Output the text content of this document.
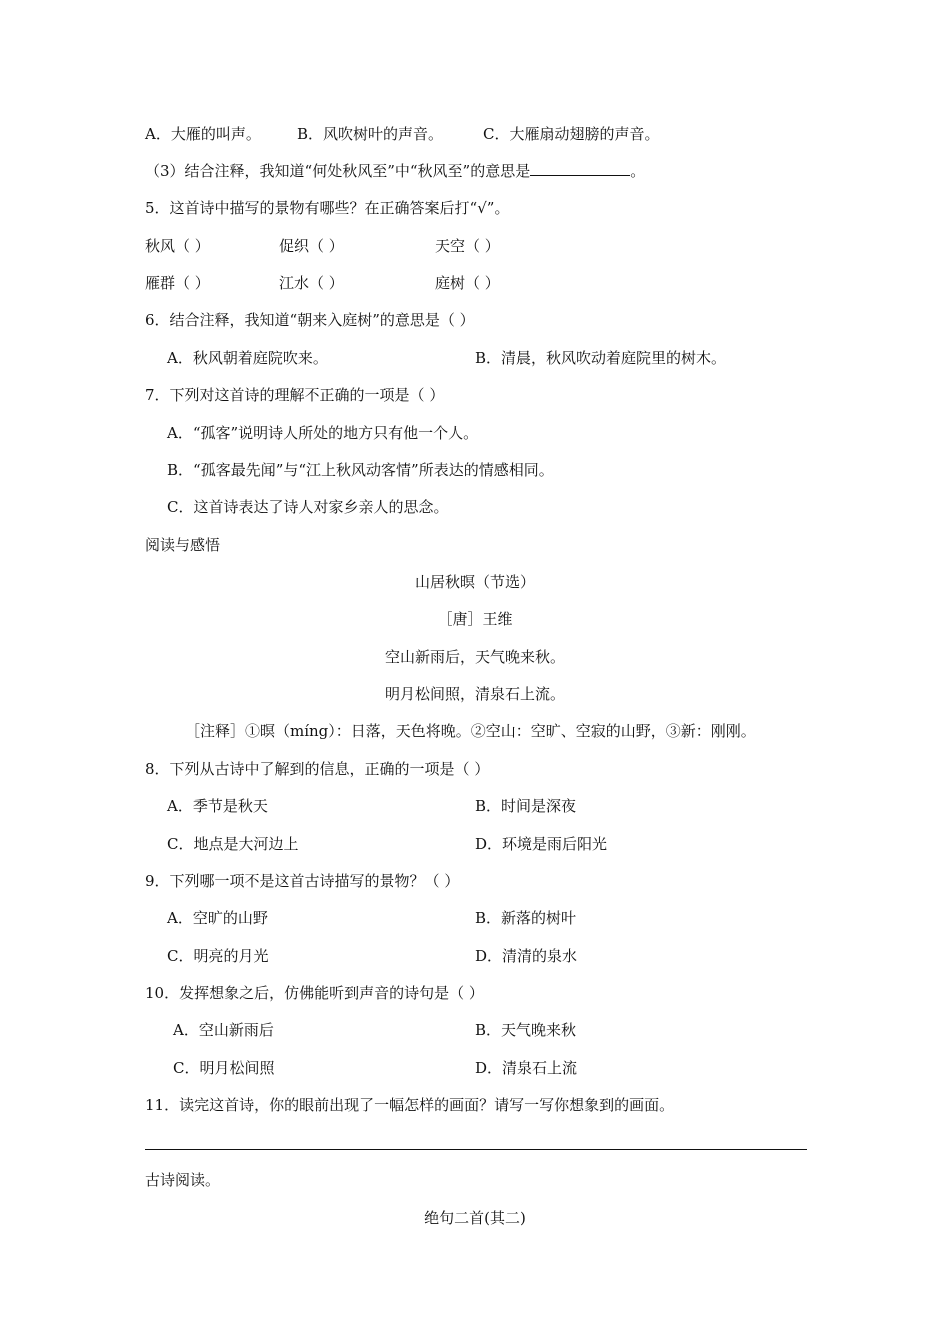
A．大雁的叫声。 B．风吹树叶的声音。	C．大雁扇动翅膀的声音。
（3）结合注释，我知道“何处秋风至”中“秋风至”的意思是	。
5．这首诗中描写的景物有哪些？在正确答案后打“√”。
秋风（ ）	促织（ ）	天空（ ）
雁群（ ）	江水（ ）	庭树（ ）
6．结合注释，我知道“朝来入庭树”的意思是（ ）
A．秋风朝着庭院吹来。	B．清晨，秋风吹动着庭院里的树木。
7．下列对这首诗的理解不正确的一项是（ ）
A．“孤客”说明诗人所处的地方只有他一个人。
B．“孤客最先闻”与“江上秋风动客情”所表达的情感相同。
C．这首诗表达了诗人对家乡亲人的思念。
阅读与感悟
山居秋暝（节选）
［唐］王维
空山新雨后，天气晚来秋。
明月松间照，清泉石上流。
［注释］①暝（míng）：日落，天色将晚。②空山：空旷、空寂的山野，③新：刚刚。
8．下列从古诗中了解到的信息，正确的一项是（ ）
A．季节是秋天	B．时间是深夜
C．地点是大河边上	D．环境是雨后阳光
9．下列哪一项不是这首古诗描写的景物？（ ）
A．空旷的山野	B．新落的树叶
C．明亮的月光	D．清清的泉水
10．发挥想象之后，仿佛能听到声音的诗句是（ ）
A．空山新雨后	B．天气晚来秋
C．明月松间照	D．清泉石上流
11．读完这首诗，你的眼前出现了一幅怎样的画面？请写一写你想象到的画面。
古诗阅读。
绝句二首(其二)
